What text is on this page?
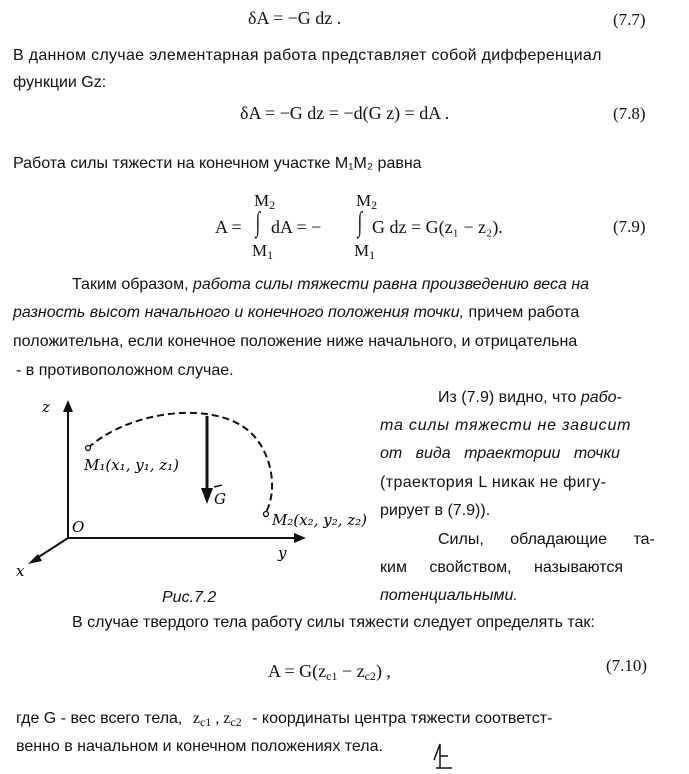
δA = −G dz .	(7.7)
В данном случае элементарная работа представляет собой дифференциал
функции Gz:
δA = −G dz = −d(G z) = dA .	(7.8)
Работа силы тяжести на конечном участке M₁M₂ равна
A =
$M_2$
∫
$M_1$
dA = −
$M_2$
∫
$M_1$
G dz = G(z₁ − z₂).	(7.9)
Таким образом, работа силы тяжести равна произведению веса на
разность высот начального и конечного положения точки, причем работа
положительна, если конечное положение ниже начального, и отрицательна
- в противоположном случае.
Из (7.9) видно, что рабо-
та силы тяжести не зависит
от вида траектории точки
(траектория L никак не фигу-
рирует в (7.9)).
Силы, обладающие та-
ким свойством, называются
потенциальными.
z
x
y
O
M₁(x₁, y₁, z₁)
M₂(x₂, y₂, z₂)
G
Рис.7.2
В случае твердого тела работу силы тяжести следует определять так:
$A = G(z_{c1} - z_{c2})$ ,	(7.10)
где G - вес всего тела, $z_{c1}$ , $z_{c2}$ - координаты центра тяжести соответст-
венно в начальном и конечном положениях тела.
